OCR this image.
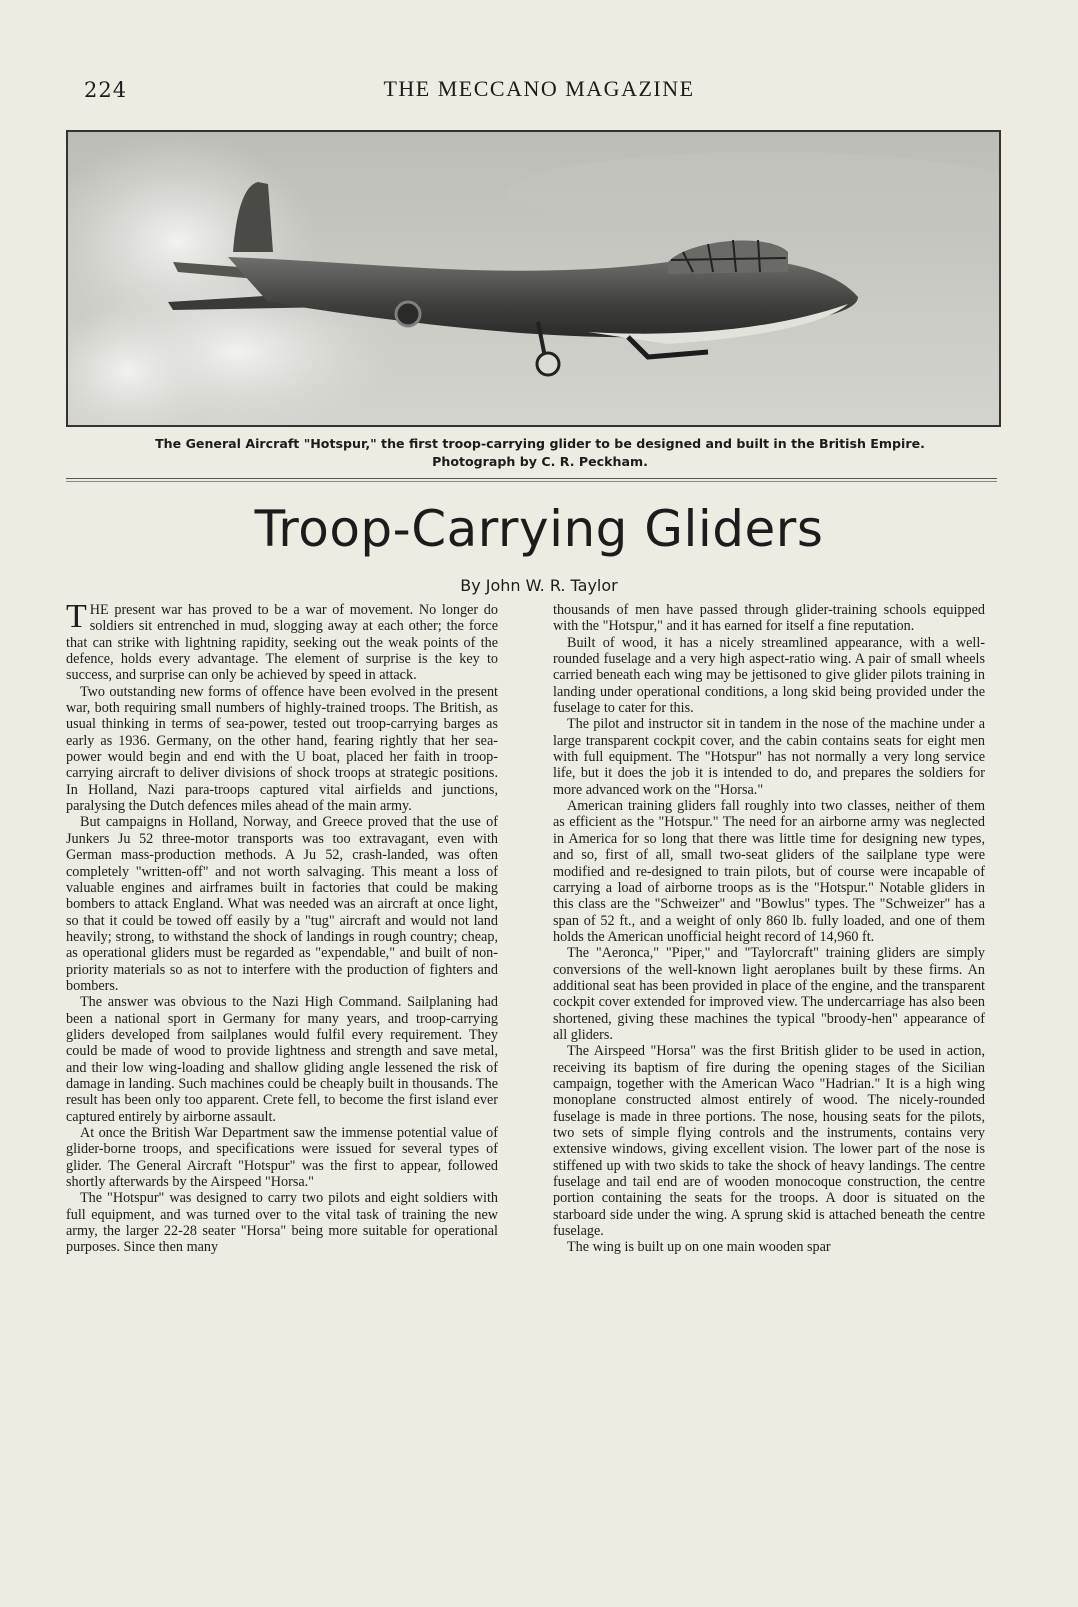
224	THE MECCANO MAGAZINE
The General Aircraft "Hotspur," the first troop-carrying glider to be designed and built in the British Empire.
Photograph by C. R. Peckham.
Troop-Carrying Gliders
By John W. R. Taylor

THE present war has proved to be a war of movement. No longer do soldiers sit entrenched in mud, slogging away at each other; the force that can strike with lightning rapidity, seeking out the weak points of the defence, holds every advantage. The element of surprise is the key to success, and surprise can only be achieved by speed in attack.

Two outstanding new forms of offence have been evolved in the present war, both requiring small numbers of highly-trained troops. The British, as usual thinking in terms of sea-power, tested out troop-carrying barges as early as 1936. Germany, on the other hand, fearing rightly that her sea-power would begin and end with the U boat, placed her faith in troop-carrying aircraft to deliver divisions of shock troops at strategic positions. In Holland, Nazi para-troops captured vital airfields and junctions, paralysing the Dutch defences miles ahead of the main army.

But campaigns in Holland, Norway, and Greece proved that the use of Junkers Ju 52 three-motor transports was too extravagant, even with German mass-production methods. A Ju 52, crash-landed, was often completely "written-off" and not worth salvaging. This meant a loss of valuable engines and airframes built in factories that could be making bombers to attack England. What was needed was an aircraft at once light, so that it could be towed off easily by a "tug" aircraft and would not land heavily; strong, to withstand the shock of landings in rough country; cheap, as operational gliders must be regarded as "expendable," and built of non-priority materials so as not to interfere with the production of fighters and bombers.

The answer was obvious to the Nazi High Command. Sailplaning had been a national sport in Germany for many years, and troop-carrying gliders developed from sailplanes would fulfil every requirement. They could be made of wood to provide lightness and strength and save metal, and their low wing-loading and shallow gliding angle lessened the risk of damage in landing. Such machines could be cheaply built in thousands. The result has been only too apparent. Crete fell, to become the first island ever captured entirely by airborne assault.

At once the British War Department saw the immense potential value of glider-borne troops, and specifications were issued for several types of glider. The General Aircraft "Hotspur" was the first to appear, followed shortly afterwards by the Airspeed "Horsa."

The "Hotspur" was designed to carry two pilots and eight soldiers with full equipment, and was turned over to the vital task of training the new army, the larger 22-28 seater "Horsa" being more suitable for operational purposes. Since then many

thousands of men have passed through glider-training schools equipped with the "Hotspur," and it has earned for itself a fine reputation.

Built of wood, it has a nicely streamlined appearance, with a well-rounded fuselage and a very high aspect-ratio wing. A pair of small wheels carried beneath each wing may be jettisoned to give glider pilots training in landing under operational conditions, a long skid being provided under the fuselage to cater for this.

The pilot and instructor sit in tandem in the nose of the machine under a large transparent cockpit cover, and the cabin contains seats for eight men with full equipment. The "Hotspur" has not normally a very long service life, but it does the job it is intended to do, and prepares the soldiers for more advanced work on the "Horsa."

American training gliders fall roughly into two classes, neither of them as efficient as the "Hotspur." The need for an airborne army was neglected in America for so long that there was little time for designing new types, and so, first of all, small two-seat gliders of the sailplane type were modified and re-designed to train pilots, but of course were incapable of carrying a load of airborne troops as is the "Hotspur." Notable gliders in this class are the "Schweizer" and "Bowlus" types. The "Schweizer" has a span of 52 ft., and a weight of only 860 lb. fully loaded, and one of them holds the American unofficial height record of 14,960 ft.

The "Aeronca," "Piper," and "Taylorcraft" training gliders are simply conversions of the well-known light aeroplanes built by these firms. An additional seat has been provided in place of the engine, and the transparent cockpit cover extended for improved view. The undercarriage has also been shortened, giving these machines the typical "broody-hen" appearance of all gliders.

The Airspeed "Horsa" was the first British glider to be used in action, receiving its baptism of fire during the opening stages of the Sicilian campaign, together with the American Waco "Hadrian." It is a high wing monoplane constructed almost entirely of wood. The nicely-rounded fuselage is made in three portions. The nose, housing seats for the pilots, two sets of simple flying controls and the instruments, contains very extensive windows, giving excellent vision. The lower part of the nose is stiffened up with two skids to take the shock of heavy landings. The centre fuselage and tail end are of wooden monocoque construction, the centre portion containing the seats for the troops. A door is situated on the starboard side under the wing. A sprung skid is attached beneath the centre fuselage.

The wing is built up on one main wooden spar
